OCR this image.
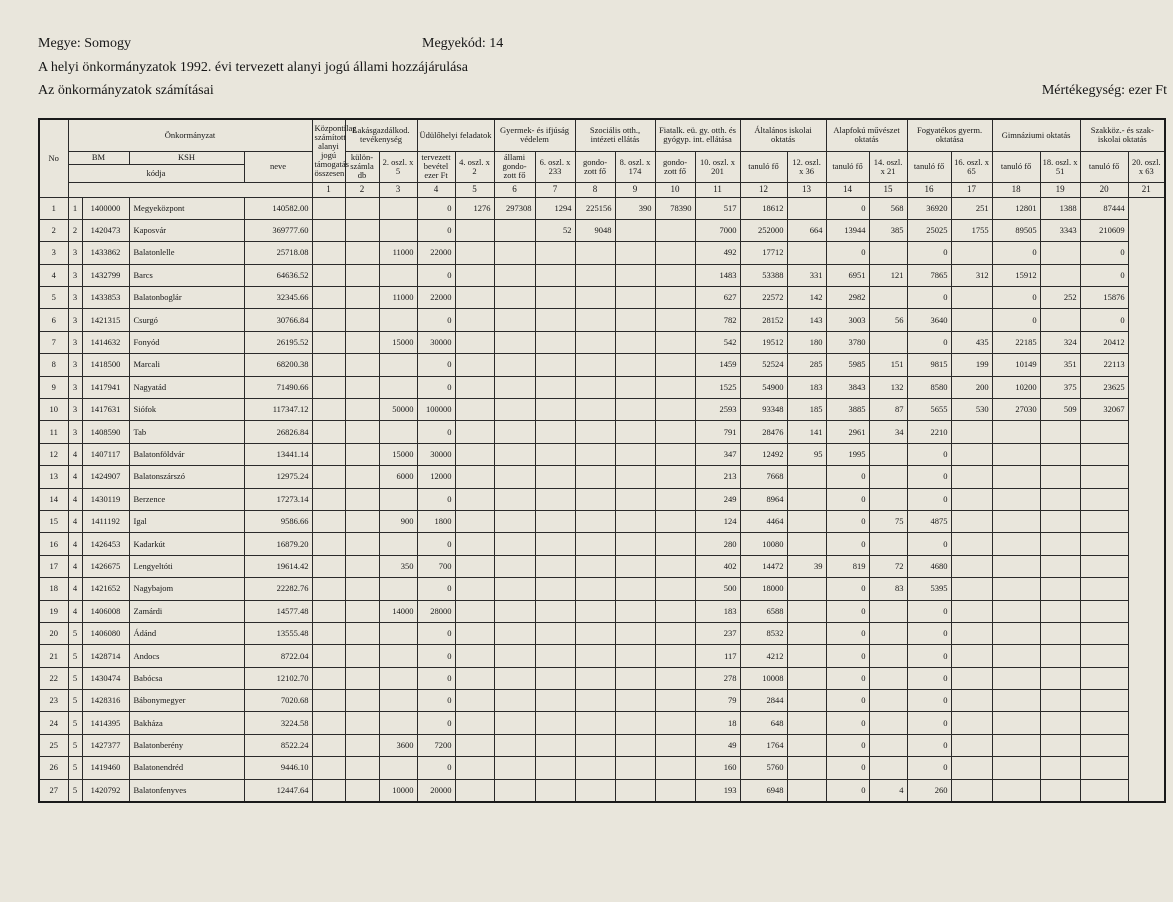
Megye: Somogy	Megyekód: 14
A helyi önkormányzatok 1992. évi tervezett alanyi jogú állami hozzájárulása
Az önkormányzatok számításai	Mértékegység: ezer Ft
No	Önkormányzat				Központilag számított alanyi jogú támogatás összesen	Lakásgazdálkod. tevékenység		Üdülőhelyi feladatok		Gyermek- és ifjúság védelem		Szociális otth., intézeti ellátás		Fiatalk. eü. gy. otth. és gyógyp. int. ellátása		Általános iskolai oktatás		Alapfokú művészet oktatás		Fogyatékos gyerm. oktatása		Gimnáziumi oktatás		Szakköz.- és szak- iskolai oktatás	
	BM		KSH	neve		külön- számla db	2. oszl. x 5	tervezett bevétel ezer Ft	4. oszl. x 2	állami gondo- zott fő	6. oszl. x 233	gondo- zott fő	8. oszl. x 174	gondo- zott fő	10. oszl. x 201	tanuló fő	12. oszl. x 36	tanuló fő	14. oszl. x 21	tanuló fő	16. oszl. x 65	tanuló fő	18. oszl. x 51	tanuló fő	20. oszl. x 63
	kódja																								
					1	2	3	4	5	6	7	8	9	10	11	12	13	14	15	16	17	18	19	20	21
1	1	1400000	Megyeközpont	140582.00				0	1276	297308	1294	225156	390	78390	517	18612		0	568	36920	251	12801	1388	87444	
2	2	1420473	Kaposvár	369777.60				0			52	9048			7000	252000	664	13944	385	25025	1755	89505	3343	210609	
3	3	1433862	Balatonlelle	25718.08			11000	22000							492	17712		0		0		0		0	
4	3	1432799	Barcs	64636.52				0							1483	53388	331	6951	121	7865	312	15912		0	
5	3	1433853	Balatonboglár	32345.66			11000	22000							627	22572	142	2982		0		0	252	15876	
6	3	1421315	Csurgó	30766.84				0							782	28152	143	3003	56	3640		0		0	
7	3	1414632	Fonyód	26195.52			15000	30000							542	19512	180	3780		0	435	22185	324	20412	
8	3	1418500	Marcali	68200.38				0							1459	52524	285	5985	151	9815	199	10149	351	22113	
9	3	1417941	Nagyatád	71490.66				0							1525	54900	183	3843	132	8580	200	10200	375	23625	
10	3	1417631	Siófok	117347.12			50000	100000							2593	93348	185	3885	87	5655	530	27030	509	32067	
11	3	1408590	Tab	26826.84				0							791	28476	141	2961	34	2210					
12	4	1407117	Balatonföldvár	13441.14			15000	30000							347	12492	95	1995		0					
13	4	1424907	Balatonszárszó	12975.24			6000	12000							213	7668		0		0					
14	4	1430119	Berzence	17273.14				0							249	8964		0		0					
15	4	1411192	Igal	9586.66			900	1800							124	4464		0	75	4875					
16	4	1426453	Kadarkút	16879.20				0							280	10080		0		0					
17	4	1426675	Lengyeltóti	19614.42			350	700							402	14472	39	819	72	4680					
18	4	1421652	Nagybajom	22282.76				0							500	18000		0	83	5395					
19	4	1406008	Zamárdi	14577.48			14000	28000							183	6588		0		0					
20	5	1406080	Ádánd	13555.48				0							237	8532		0		0					
21	5	1428714	Andocs	8722.04				0							117	4212		0		0					
22	5	1430474	Babócsa	12102.70				0							278	10008		0		0					
23	5	1428316	Bábonymegyer	7020.68				0							79	2844		0		0					
24	5	1414395	Bakháza	3224.58				0							18	648		0		0					
25	5	1427377	Balatonberény	8522.24			3600	7200							49	1764		0		0					
26	5	1419460	Balatonendréd	9446.10				0							160	5760		0		0					
27	5	1420792	Balatonfenyves	12447.64			10000	20000							193	6948		0	4	260					
